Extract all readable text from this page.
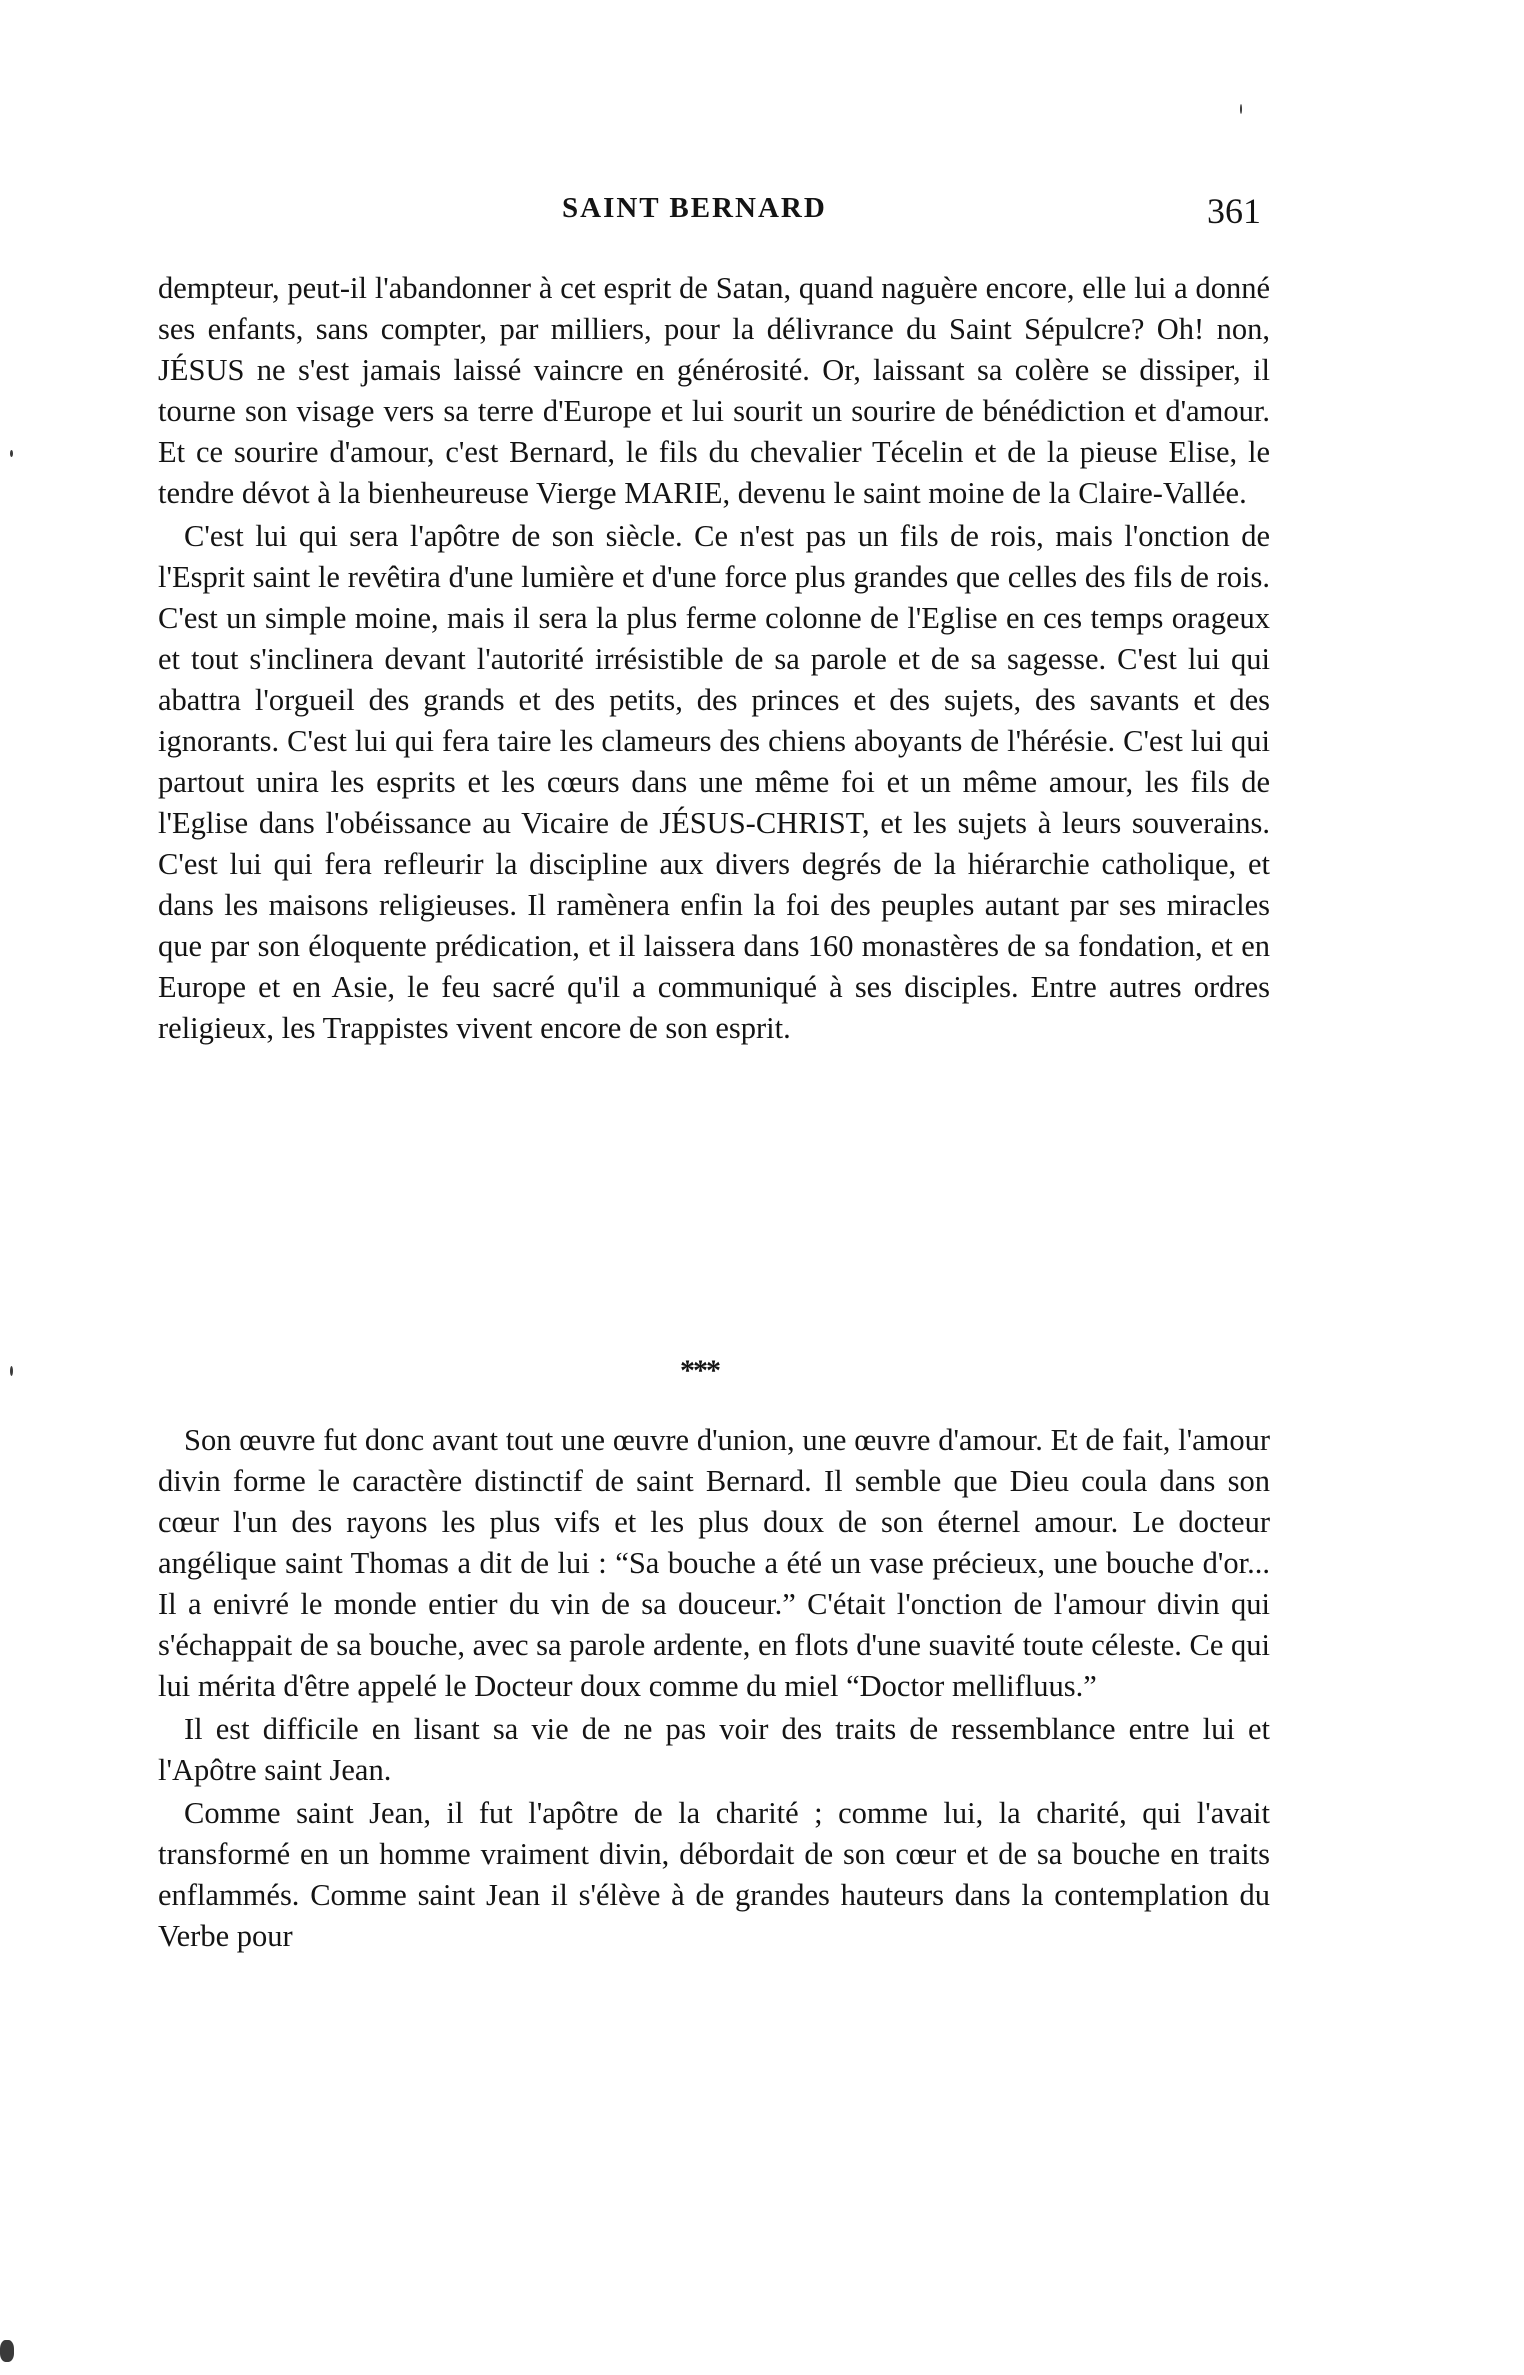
SAINT BERNARD	361

dempteur, peut-il l'abandonner à cet esprit de Satan, quand naguère encore, elle lui a donné ses enfants, sans compter, par milliers, pour la délivrance du Saint Sépulcre? Oh! non, JÉSUS ne s'est jamais laissé vaincre en générosité. Or, laissant sa colère se dissiper, il tourne son visage vers sa terre d'Europe et lui sourit un sourire de bénédiction et d'amour. Et ce sourire d'amour, c'est Bernard, le fils du chevalier Técelin et de la pieuse Elise, le tendre dévot à la bienheureuse Vierge MARIE, devenu le saint moine de la Claire-Vallée.

C'est lui qui sera l'apôtre de son siècle. Ce n'est pas un fils de rois, mais l'onction de l'Esprit saint le revêtira d'une lumière et d'une force plus grandes que celles des fils de rois. C'est un simple moine, mais il sera la plus ferme colonne de l'Eglise en ces temps orageux et tout s'inclinera devant l'autorité irrésistible de sa parole et de sa sagesse. C'est lui qui abattra l'orgueil des grands et des petits, des princes et des sujets, des savants et des ignorants. C'est lui qui fera taire les clameurs des chiens aboyants de l'hérésie. C'est lui qui partout unira les esprits et les cœurs dans une même foi et un même amour, les fils de l'Eglise dans l'obéissance au Vicaire de JÉSUS-CHRIST, et les sujets à leurs souverains. C'est lui qui fera refleurir la discipline aux divers degrés de la hiérarchie catholique, et dans les maisons religieuses. Il ramènera enfin la foi des peuples autant par ses miracles que par son éloquente prédication, et il laissera dans 160 monastères de sa fondation, et en Europe et en Asie, le feu sacré qu'il a communiqué à ses disciples. Entre autres ordres religieux, les Trappistes vivent encore de son esprit.

***

Son œuvre fut donc avant tout une œuvre d'union, une œuvre d'amour. Et de fait, l'amour divin forme le caractère distinctif de saint Bernard. Il semble que Dieu coula dans son cœur l'un des rayons les plus vifs et les plus doux de son éternel amour. Le docteur angélique saint Thomas a dit de lui : “Sa bouche a été un vase précieux, une bouche d'or... Il a enivré le monde entier du vin de sa douceur.” C'était l'onction de l'amour divin qui s'échappait de sa bouche, avec sa parole ardente, en flots d'une suavité toute céleste. Ce qui lui mérita d'être appelé le Docteur doux comme du miel “Doctor mellifluus.”

Il est difficile en lisant sa vie de ne pas voir des traits de ressemblance entre lui et l'Apôtre saint Jean.

Comme saint Jean, il fut l'apôtre de la charité ; comme lui, la charité, qui l'avait transformé en un homme vraiment divin, débordait de son cœur et de sa bouche en traits enflammés. Comme saint Jean il s'élève à de grandes hauteurs dans la contemplation du Verbe pour
